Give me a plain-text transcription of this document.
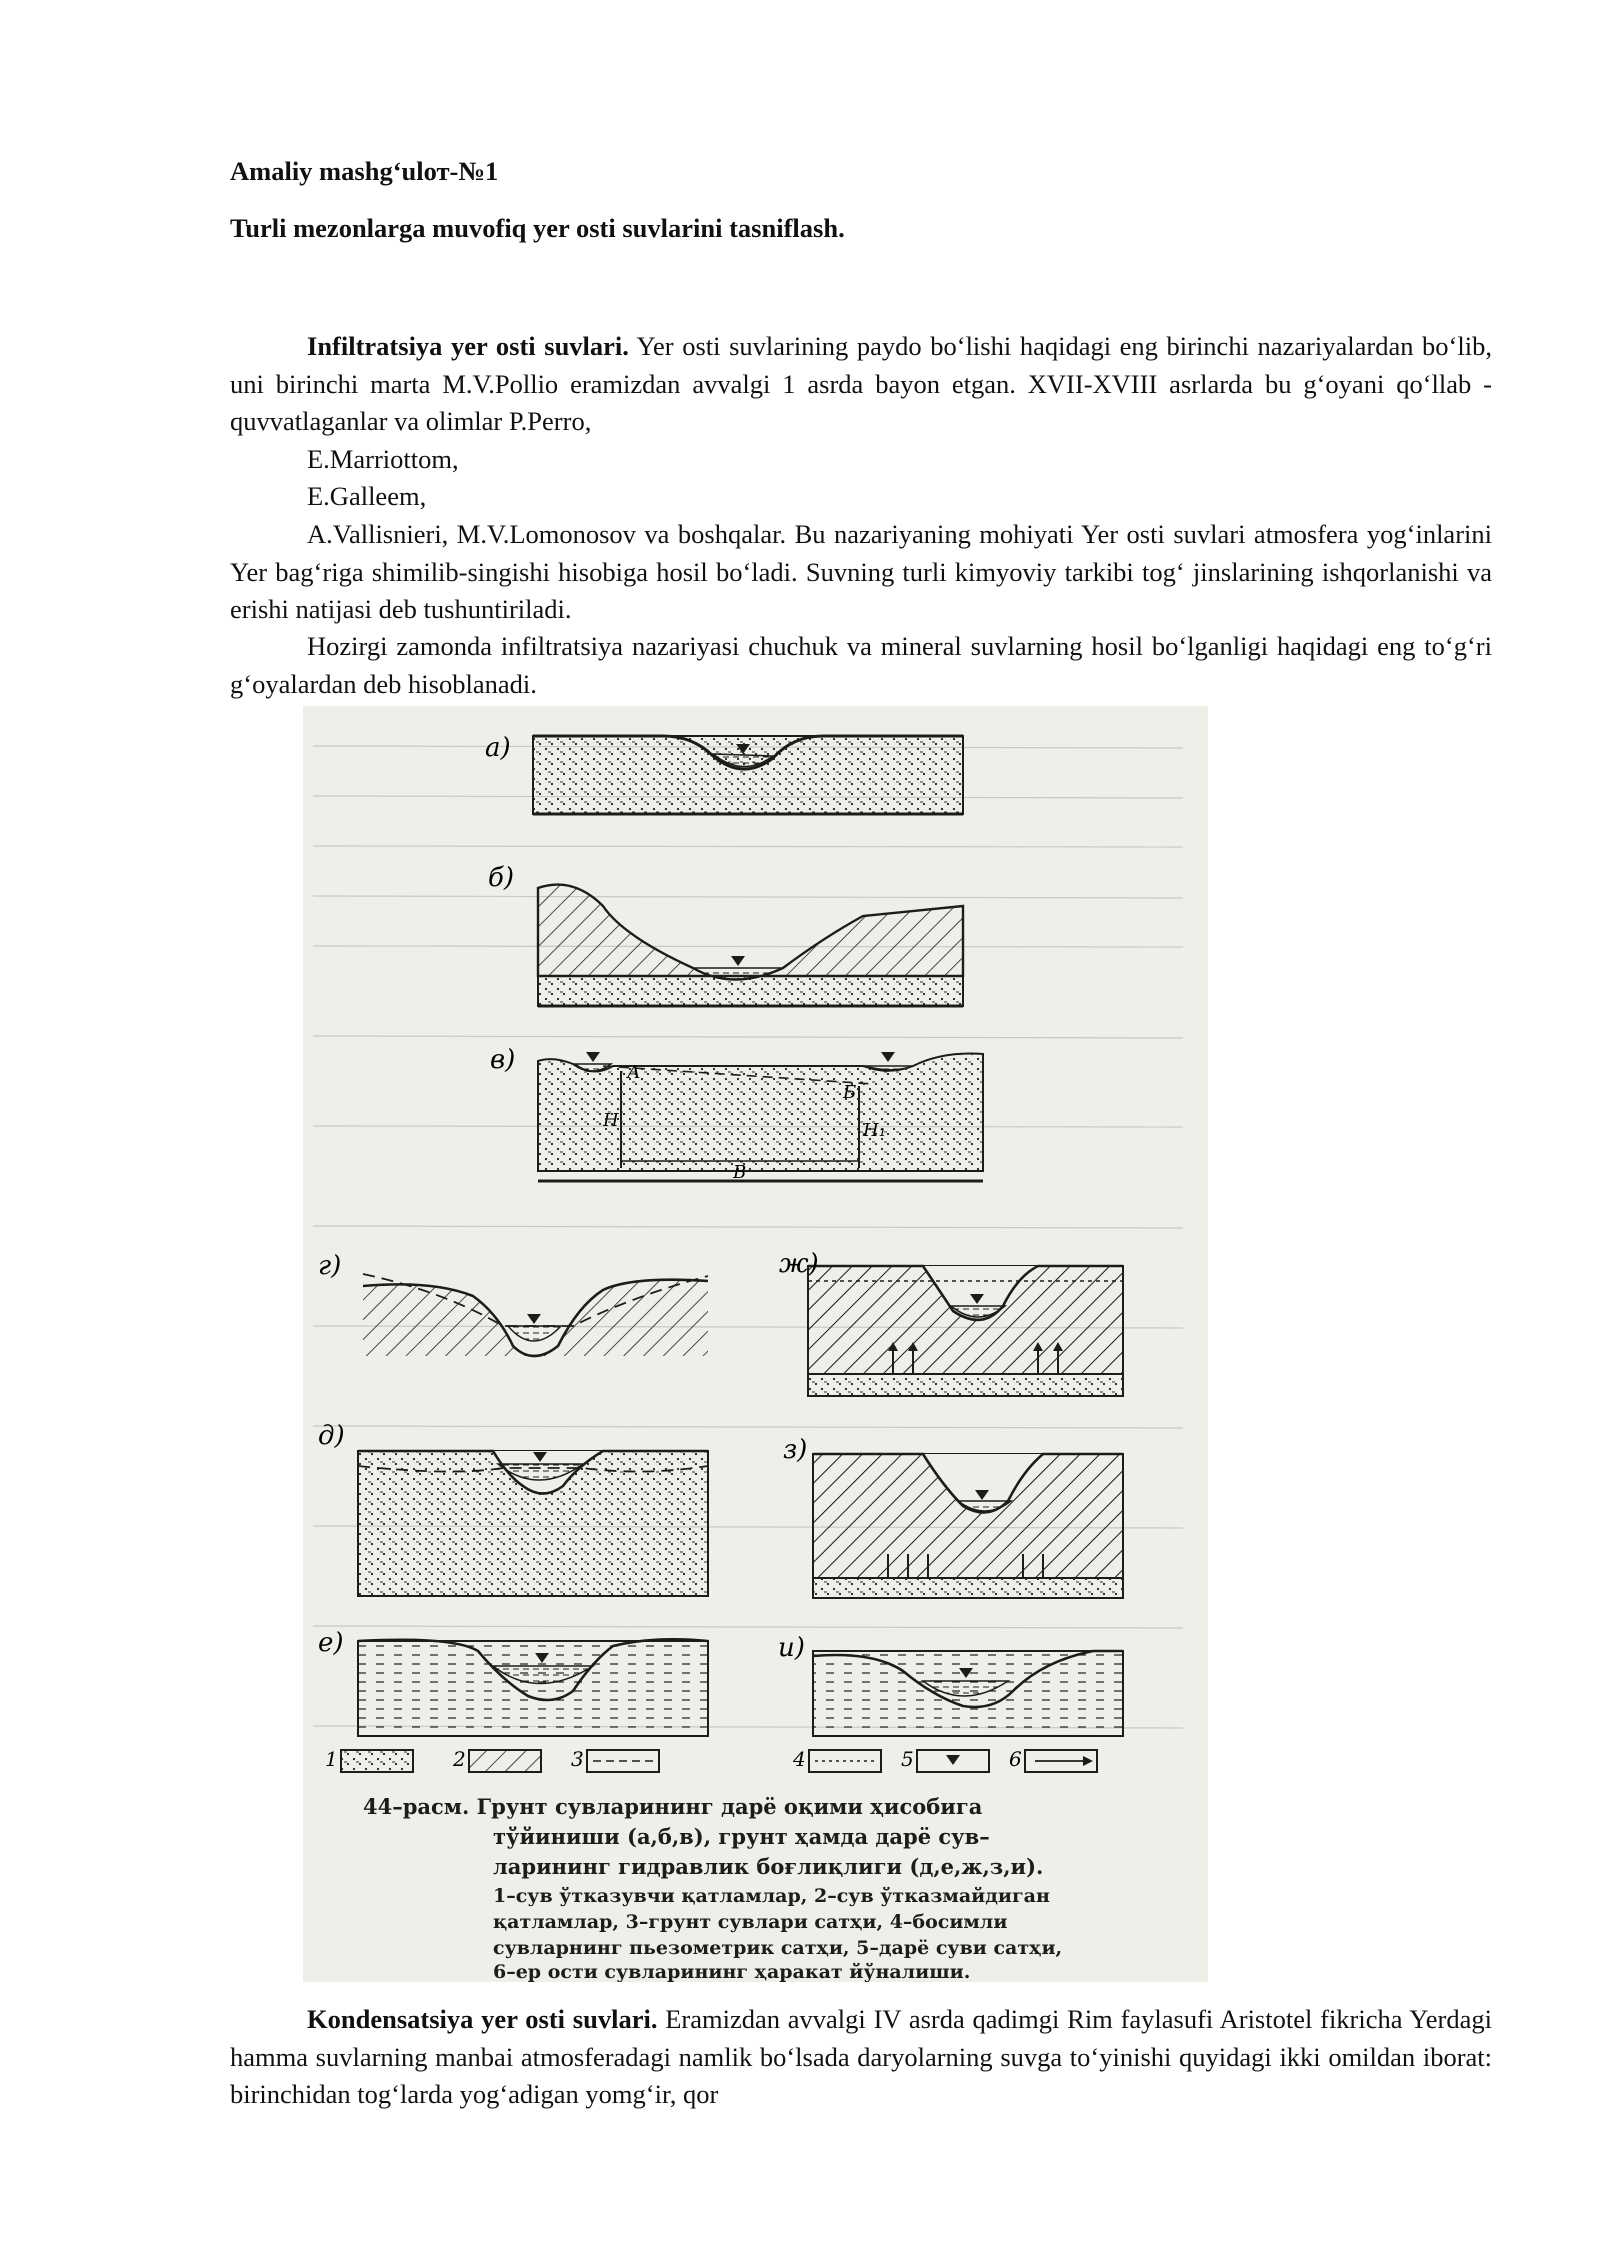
Amaliy mashg‘ulот-№1
Turli mezonlarga muvofiq yer osti suvlarini tasniflash.

Infiltratsiya yer osti suvlari. Yer osti suvlarining paydo bo‘lishi haqidagi eng birinchi nazariyalardan bo‘lib, uni birinchi marta M.V.Pollio eramizdan avvalgi 1 asrda bayon etgan. XVII-XVIII asrlarda bu g‘oyani qo‘llab - quvvatlaganlar va olimlar P.Perro,

E.Marriottom,
E.Galleem,

A.Vallisnieri, M.V.Lomonosov va boshqalar. Bu nazariyaning mohiyati Yer osti suvlari atmosfera yog‘inlarini Yer bag‘riga shimilib-singishi hisobiga hosil bo‘ladi. Suvning turli kimyoviy tarkibi tog‘ jinslarining ishqorlanishi va erishi natijasi deb tushuntiriladi.

Hozirgi zamonda infiltratsiya nazariyasi chuchuk va mineral suvlarning hosil bo‘lganligi haqidagi eng to‘g‘ri g‘oyalardan deb hisoblanadi.

а)
б)
в)	А
Б
Н	Н₁
В
г)	ж)
д)	з)
е)	и)
1	2	3	4	5	6
44–расм. Грунт сувларининг дарё оқими ҳисобига
тўйиниши (а,б,в), грунт ҳамда дарё сув–
ларининг гидравлик боғлиқлиги (д,е,ж,з,и).
1–сув ўтказувчи қатламлар, 2–сув ўтказмайдиган
қатламлар, 3–грунт сувлари сатҳи, 4–босимли
сувларнинг пьезометрик сатҳи, 5–дарё суви сатҳи,
6–ер ости сувларининг ҳаракат йўналиши.

Kondensatsiya yer osti suvlari. Eramizdan avvalgi IV asrda qadimgi Rim faylasufi Aristotel fikricha Yerdagi hamma suvlarning manbai atmosferadagi namlik bo‘lsada daryolarning suvga to‘yinishi quyidagi ikki omildan iborat: birinchidan tog‘larda yog‘adigan yomg‘ir, qor
